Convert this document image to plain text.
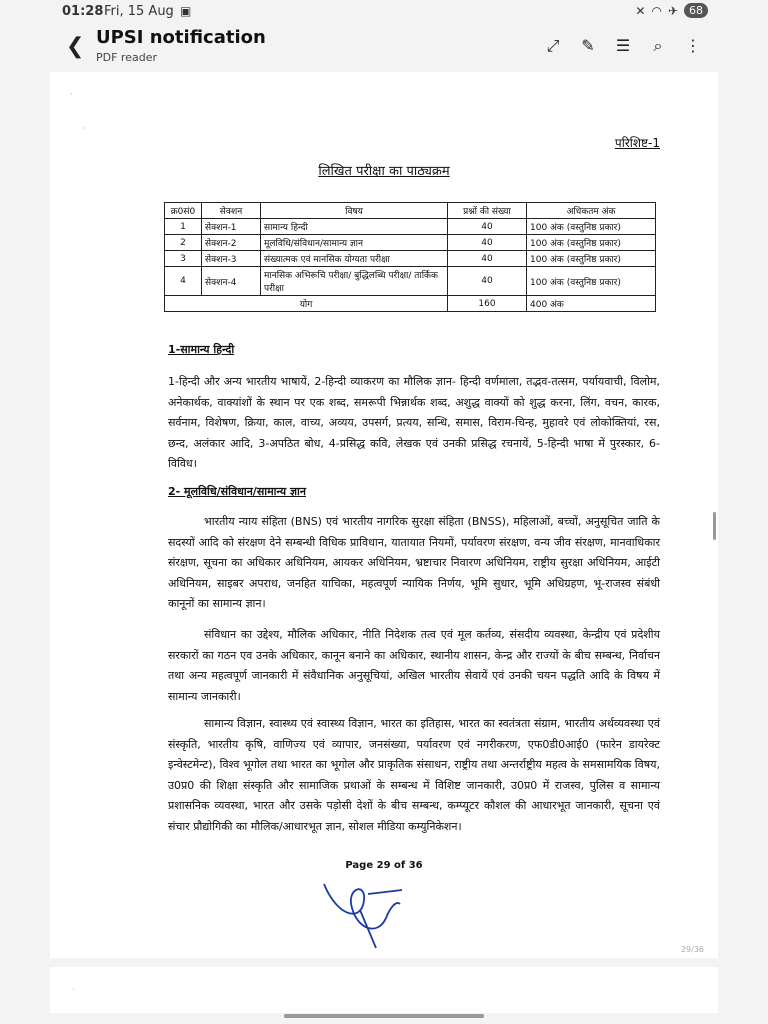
01:28 Fri, 15 Aug ▣	✕ ◠ ✈	68
❮ UPSI notification
PDF reader
⤢ ✎ ☰ ⌕ ⋮
·
·
परिशिष्ट-1
लिखित परीक्षा का पाठ्यक्रम
क्र0सं0	सेक्शन	विषय	प्रश्नों की संख्या	अधिकतम अंक
1	सेक्शन-1	सामान्य हिन्दी	40	100 अंक (वस्तुनिष्ठ प्रकार)
2	सेक्शन-2	मूलविधि/संविधान/सामान्य ज्ञान	40	100 अंक (वस्तुनिष्ठ प्रकार)
3	सेक्शन-3	संख्यात्मक एवं मानसिक योग्यता परीक्षा	40	100 अंक (वस्तुनिष्ठ प्रकार)
4	सेक्शन-4	मानसिक अभिरूचि परीक्षा/ बुद्धिलब्धि परीक्षा/ तार्किक परीक्षा	40	100 अंक (वस्तुनिष्ठ प्रकार)
योग			160	400 अंक
1-सामान्य हिन्दी
1-हिन्दी और अन्य भारतीय भाषायें, 2-हिन्दी व्याकरण का मौलिक ज्ञान- हिन्दी वर्णमाला, तद्भव-तत्सम, पर्यायवाची, विलोम, अनेकार्थक, वाक्यांशों के स्थान पर एक शब्द, समरूपी भिन्नार्थक शब्द, अशुद्ध वाक्यों को शुद्ध करना, लिंग, वचन, कारक, सर्वनाम, विशेषण, क्रिया, काल, वाच्य, अव्यय, उपसर्ग, प्रत्यय, सन्धि, समास, विराम-चिन्ह, मुहावरे एवं लोकोक्तियां, रस, छन्द, अलंकार आदि, 3-अपठित बोध, 4-प्रसिद्ध कवि, लेखक एवं उनकी प्रसिद्ध रचनायें, 5-हिन्दी भाषा में पुरस्कार, 6-विविध।
2- मूलविधि/संविधान/सामान्य ज्ञान
भारतीय न्याय संहिता (BNS) एवं भारतीय नागरिक सुरक्षा संहिता (BNSS), महिलाओं, बच्चों, अनुसूचित जाति के सदस्यों आदि को संरक्षण देने सम्बन्धी विधिक प्राविधान, यातायात नियमों, पर्यावरण संरक्षण, वन्य जीव संरक्षण, मानवाधिकार संरक्षण, सूचना का अधिकार अधिनियम, आयकर अधिनियम, भ्रष्टाचार निवारण अधिनियम, राष्ट्रीय सुरक्षा अधिनियम, आईटी अधिनियम, साइबर अपराध, जनहित याचिका, महत्वपूर्ण न्यायिक निर्णय, भूमि सुधार, भूमि अधिग्रहण, भू-राजस्व संबंधी कानूनों का सामान्य ज्ञान।
संविधान का उद्देश्य, मौलिक अधिकार, नीति निदेशक तत्व एवं मूल कर्तव्य, संसदीय व्यवस्था, केन्द्रीय एवं प्रदेशीय सरकारों का गठन एव उनके अधिकार, कानून बनाने का अधिकार, स्थानीय शासन, केन्द्र और राज्यों के बीच सम्बन्ध, निर्वाचन तथा अन्य महत्वपूर्ण जानकारी में संवैधानिक अनुसूचियां, अखिल भारतीय सेवायें एवं उनकी चयन पद्धति आदि के विषय में सामान्य जानकारी।
सामान्य विज्ञान, स्वास्थ्य एवं स्वास्थ्य विज्ञान, भारत का इतिहास, भारत का स्वतंत्रता संग्राम, भारतीय अर्थव्यवस्था एवं संस्कृति, भारतीय कृषि, वाणिज्य एवं व्यापार, जनसंख्या, पर्यावरण एवं नगरीकरण, एफ0डी0आई0 (फारेन डायरेक्ट इन्वेस्टमेन्ट), विश्व भूगोल तथा भारत का भूगोल और प्राकृतिक संसाधन, राष्ट्रीय तथा अन्तर्राष्ट्रीय महत्व के समसामयिक विषय, उ0प्र0 की शिक्षा संस्कृति और सामाजिक प्रथाओं के सम्बन्ध में विशिष्ट जानकारी, उ0प्र0 में राजस्व, पुलिस व सामान्य प्रशासनिक व्यवस्था, भारत और उसके पड़ोसी देशों के बीच सम्बन्ध, कम्प्यूटर कौशल की आधारभूत जानकारी, सूचना एवं संचार प्रौद्योगिकी का मौलिक/आधारभूत ज्ञान, सोशल मीडिया कम्युनिकेशन।
Page 29 of 36
29/36
·
